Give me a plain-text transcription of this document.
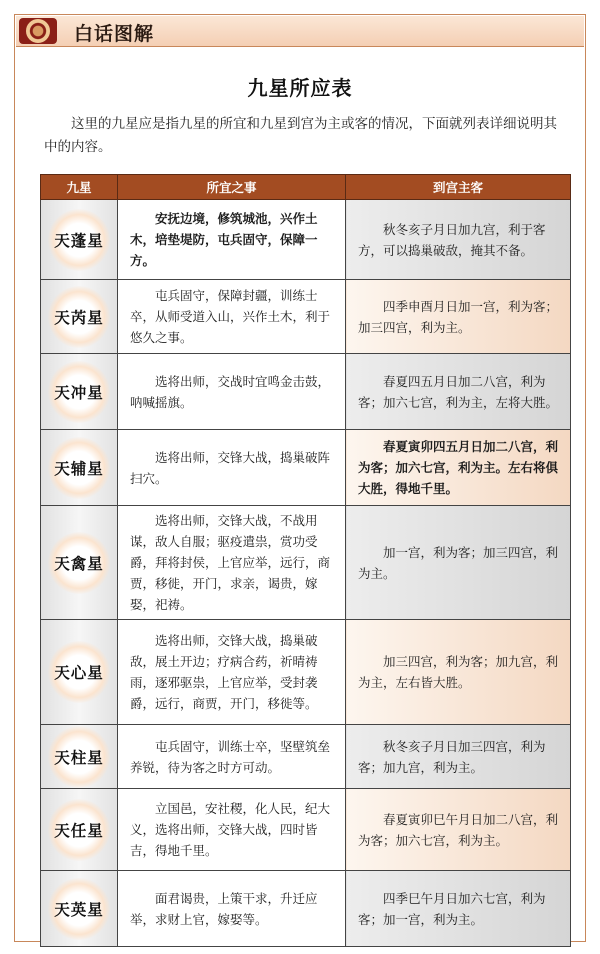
白话图解
九星所应表
这里的九星应是指九星的所宜和九星到宫为主或客的情况，下面就列表详细说明其中的内容。
九星	所宜之事	到宫主客

天蓬星	安抚边境，修筑城池，兴作土木，培垫堤防，屯兵固守，保障一方。	秋冬亥子月日加九宫，利于客方，可以捣巢破敌，掩其不备。

天芮星	屯兵固守，保障封疆，训练士卒，从师受道入山，兴作土木，利于悠久之事。	四季申酉月日加一宫，利为客；加三四宫，利为主。

天冲星	选将出师，交战时宜鸣金击鼓，呐喊摇旗。	春夏四五月日加二八宫，利为客；加六七宫，利为主，左将大胜。

天辅星	选将出师，交锋大战，捣巢破阵扫穴。	春夏寅卯四五月日加二八宫，利为客；加六七宫，利为主。左右将俱大胜，得地千里。

天禽星	选将出师，交锋大战，不战用谋，敌人自服；驱疫遣祟，赏功受爵，拜将封侯，上官应举，远行，商贾，移徙，开门，求亲，谒贵，嫁娶，祀祷。	加一宫，利为客；加三四宫，利为主。

天心星	选将出师，交锋大战，捣巢破敌，展土开边；疗病合药，祈晴祷雨，逐邪驱祟，上官应举，受封袭爵，远行，商贾，开门，移徙等。	加三四宫，利为客；加九宫，利为主，左右皆大胜。

天柱星	屯兵固守，训练士卒，坚壁筑垒养锐，待为客之时方可动。	秋冬亥子月日加三四宫，利为客；加九宫，利为主。

天任星	立国邑，安社稷，化人民，纪大义，选将出师，交锋大战，四时皆吉，得地千里。	春夏寅卯巳午月日加二八宫，利为客；加六七宫，利为主。

天英星	面君谒贵，上策干求，升迁应举，求财上官，嫁娶等。	四季巳午月日加六七宫，利为客；加一宫，利为主。
